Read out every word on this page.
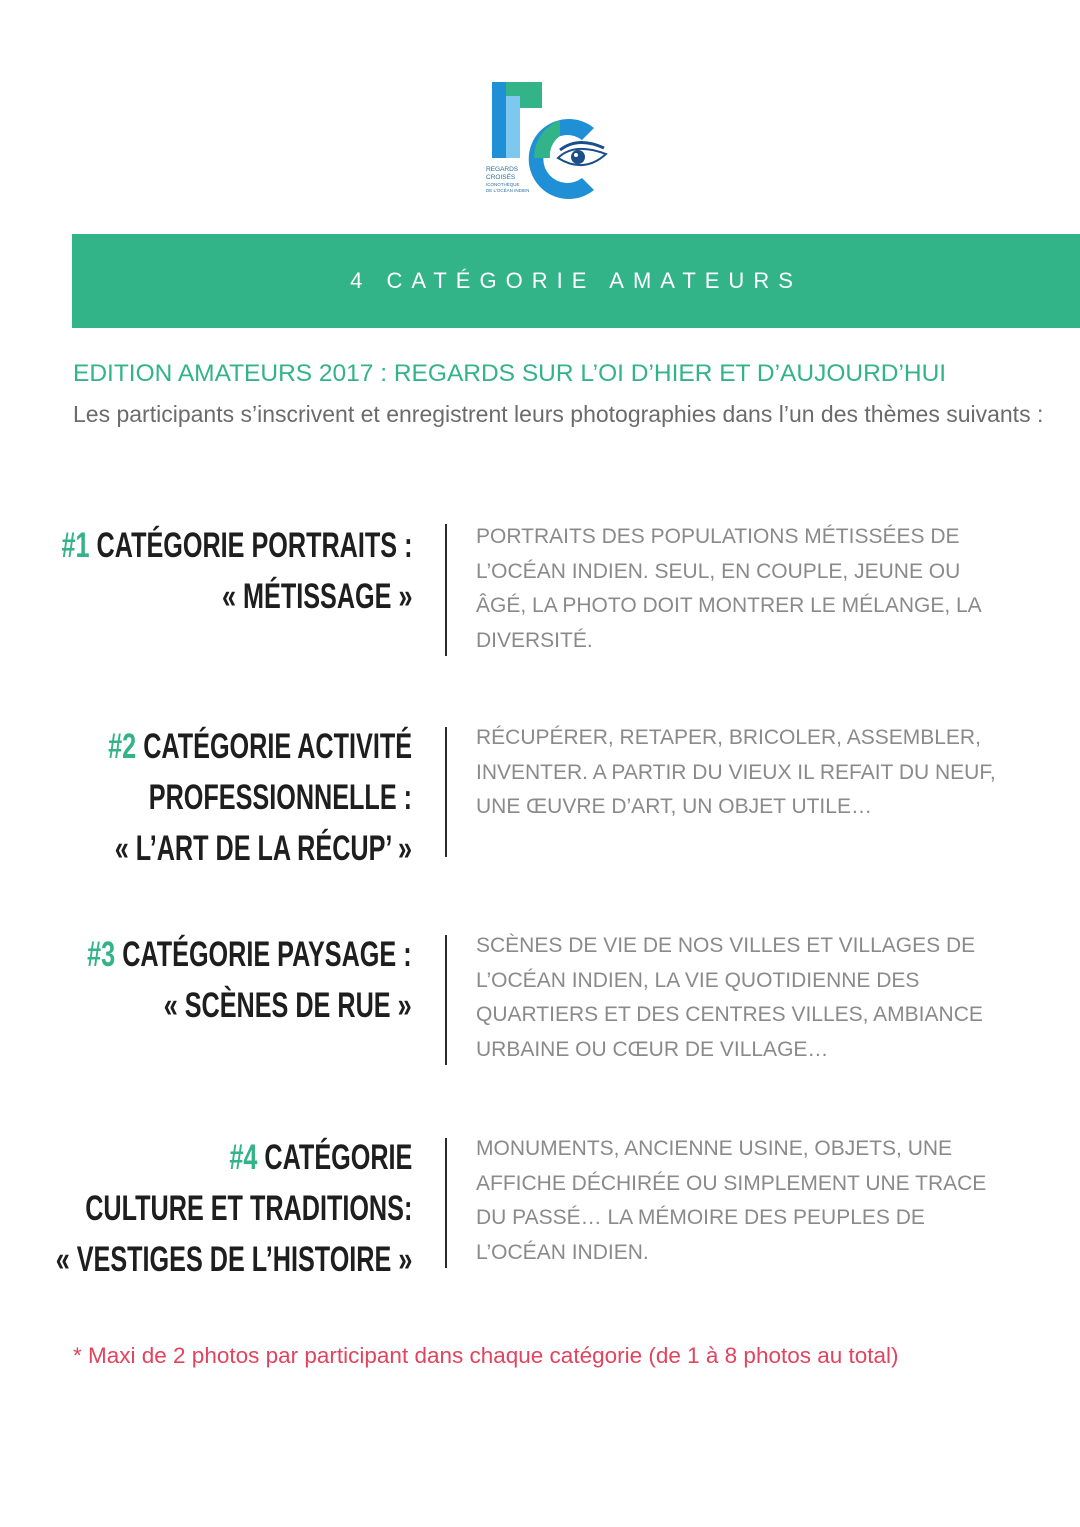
REGARDS
CROISÉS
ICONOTHÈQUE
DE L'OCÉAN INDIEN
4 CATÉGORIE AMATEURS
EDITION AMATEURS 2017 : REGARDS SUR L’OI D’HIER ET D’AUJOURD’HUI
Les participants s’inscrivent et enregistrent leurs photographies dans l’un des thèmes suivants :
#1 CATÉGORIE PORTRAITS :
« MÉTISSAGE »
PORTRAITS DES POPULATIONS MÉTISSÉES DE
L’OCÉAN INDIEN. SEUL, EN COUPLE, JEUNE OU
ÂGÉ, LA PHOTO DOIT MONTRER LE MÉLANGE, LA
DIVERSITÉ.
#2 CATÉGORIE ACTIVITÉ
PROFESSIONNELLE :
« L’ART DE LA RÉCUP’ »
RÉCUPÉRER, RETAPER, BRICOLER, ASSEMBLER,
INVENTER. A PARTIR DU VIEUX IL REFAIT DU NEUF,
UNE ŒUVRE D’ART, UN OBJET UTILE…
#3 CATÉGORIE PAYSAGE :
« SCÈNES DE RUE »
SCÈNES DE VIE DE NOS VILLES ET VILLAGES DE
L’OCÉAN INDIEN, LA VIE QUOTIDIENNE DES
QUARTIERS ET DES CENTRES VILLES, AMBIANCE
URBAINE OU CŒUR DE VILLAGE…
#4 CATÉGORIE
CULTURE ET TRADITIONS:
« VESTIGES DE L’HISTOIRE »
MONUMENTS, ANCIENNE USINE, OBJETS, UNE
AFFICHE DÉCHIRÉE OU SIMPLEMENT UNE TRACE
DU PASSÉ… LA MÉMOIRE DES PEUPLES DE
L’OCÉAN INDIEN.
* Maxi de 2 photos par participant dans chaque catégorie (de 1 à 8 photos au total)
